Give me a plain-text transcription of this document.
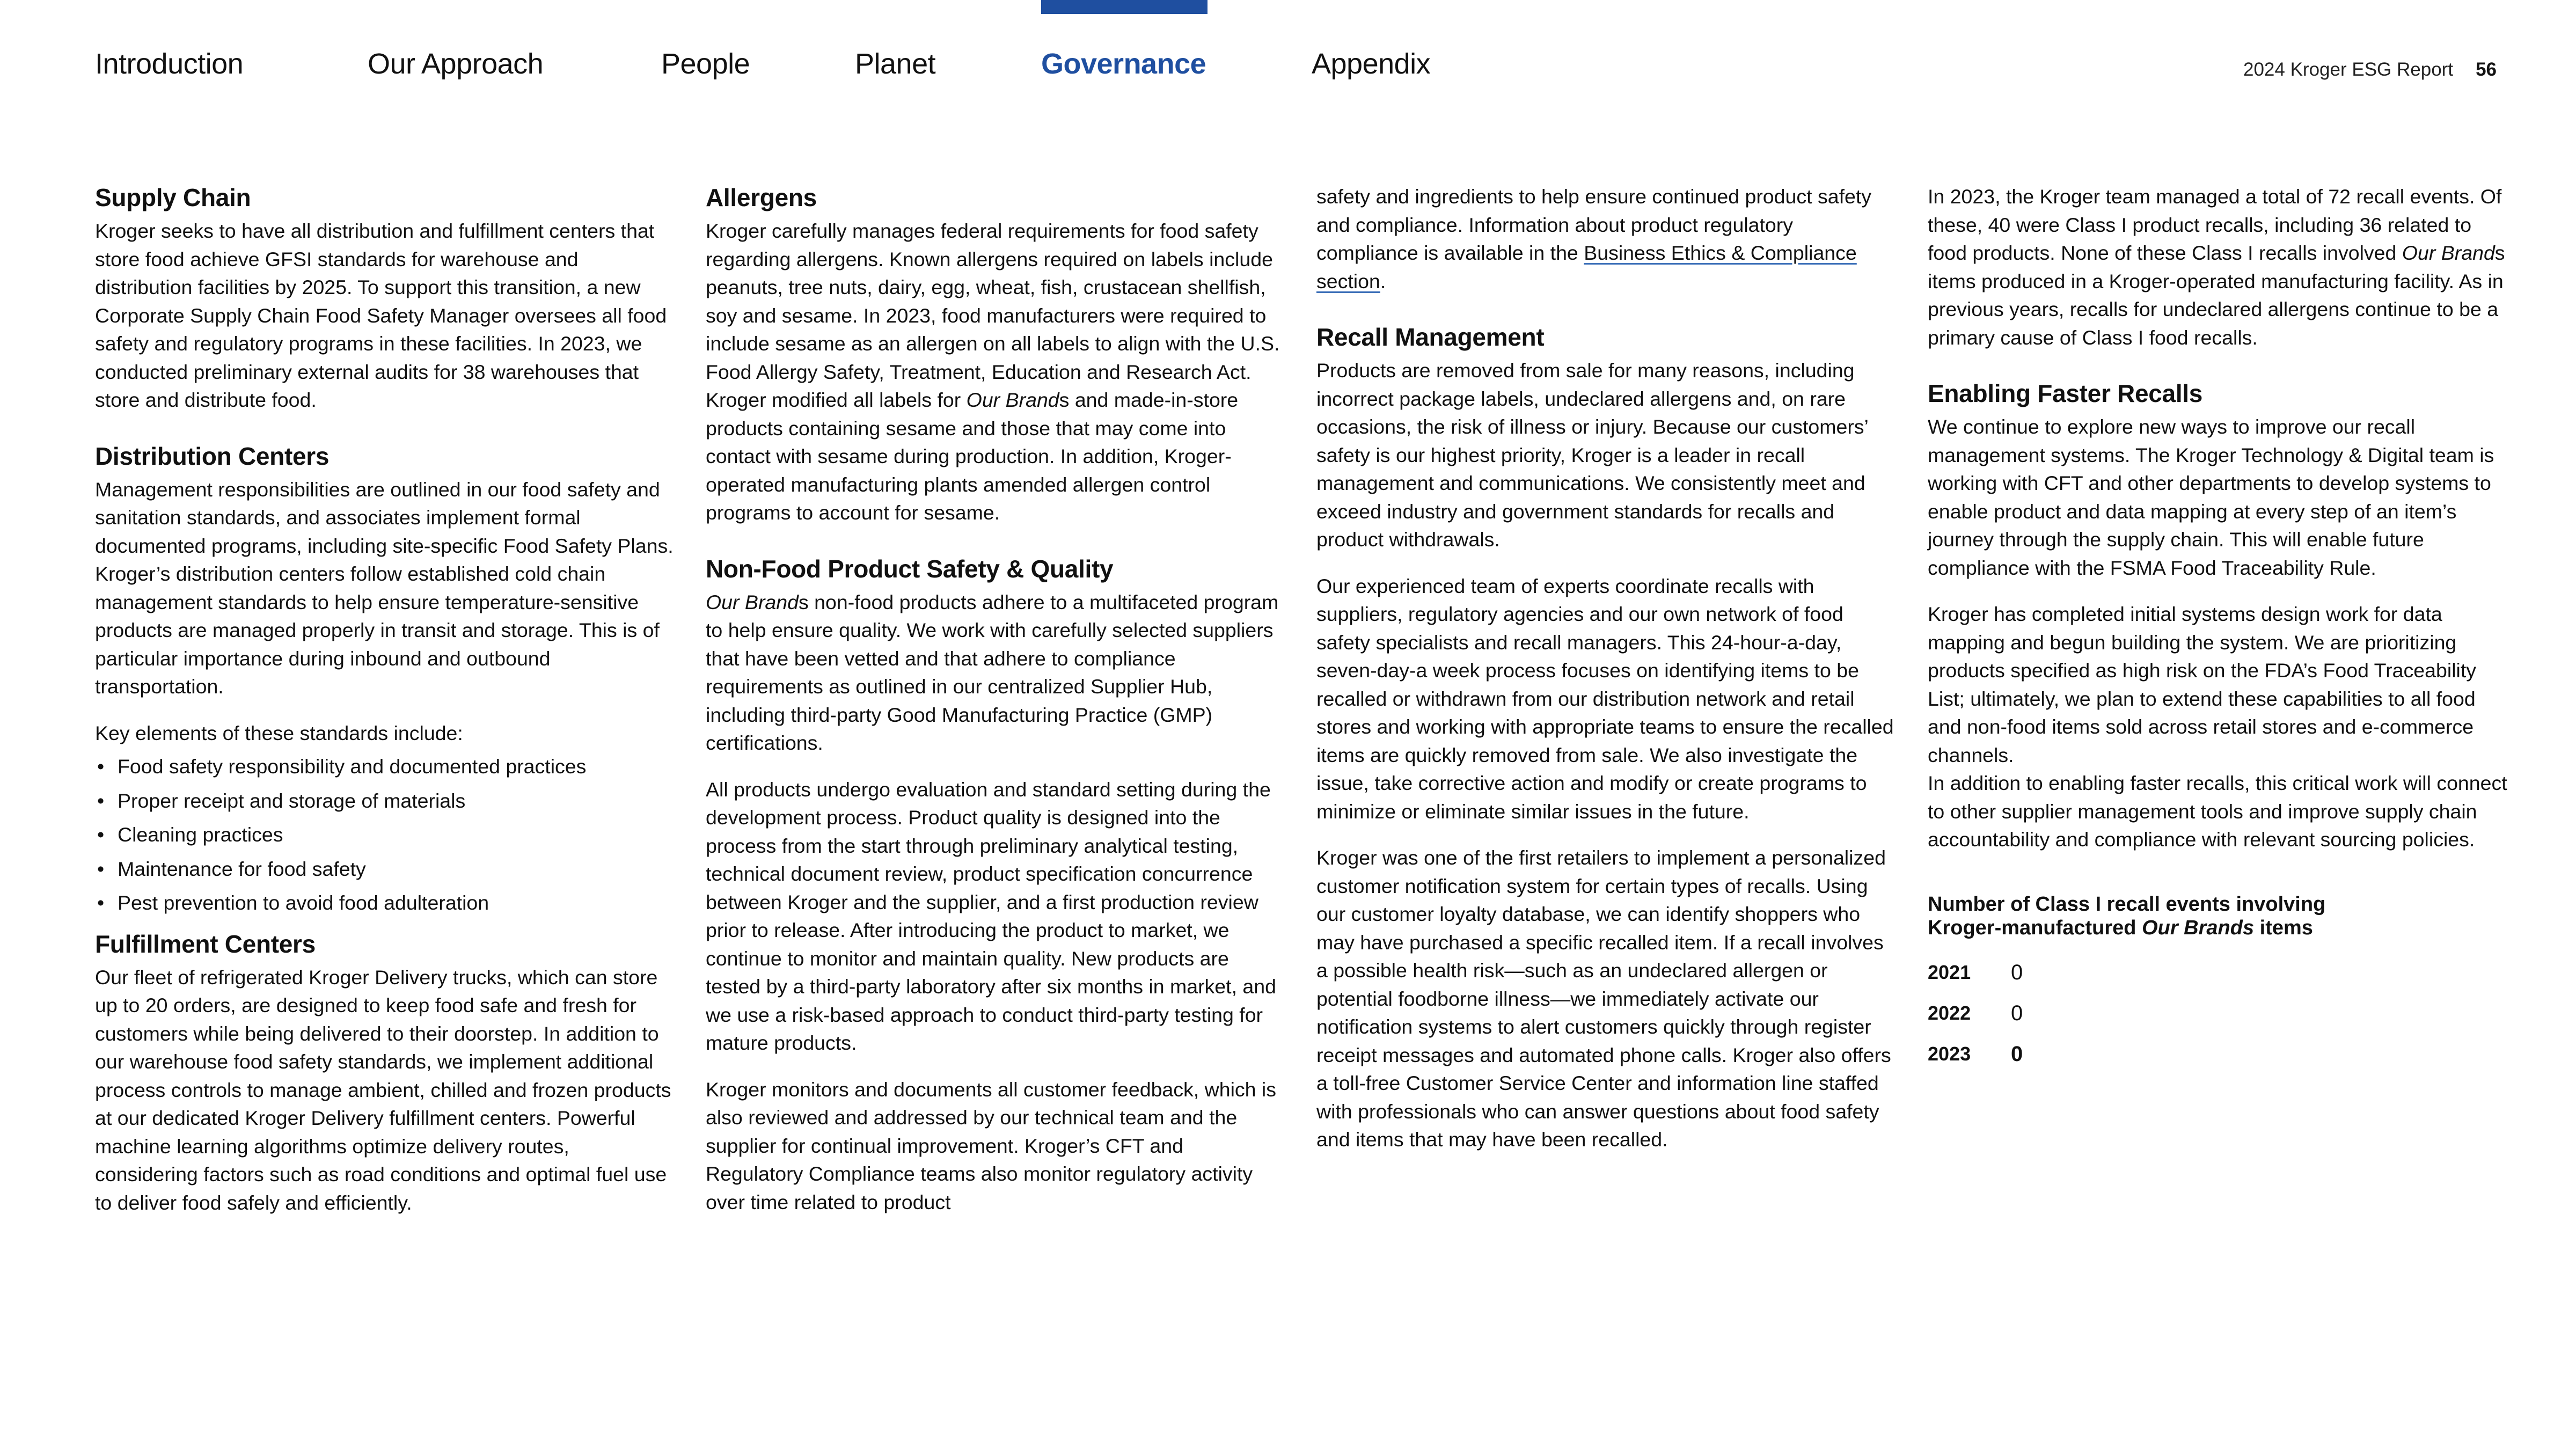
Introduction	Our Approach	People	Planet	Governance	Appendix	2024 Kroger ESG Report 56
Supply Chain

Kroger seeks to have all distribution and fulfillment centers that store food achieve GFSI standards for warehouse and distribution facilities by 2025. To support this transition, a new Corporate Supply Chain Food Safety Manager oversees all food safety and regulatory programs in these facilities. In 2023, we conducted preliminary external audits for 38 warehouses that store and distribute food.

Distribution Centers

Management responsibilities are outlined in our food safety and sanitation standards, and associates implement formal documented programs, including site-specific Food Safety Plans. Kroger’s distribution centers follow established cold chain management standards to help ensure temperature-sensitive products are managed properly in transit and storage. This is of particular importance during inbound and outbound transportation.

Key elements of these standards include:

• Food safety responsibility and documented practices
• Proper receipt and storage of materials
• Cleaning practices
• Maintenance for food safety
• Pest prevention to avoid food adulteration
Fulfillment Centers

Our fleet of refrigerated Kroger Delivery trucks, which can store up to 20 orders, are designed to keep food safe and fresh for customers while being delivered to their doorstep. In addition to our warehouse food safety standards, we implement additional process controls to manage ambient, chilled and frozen products at our dedicated Kroger Delivery fulfillment centers. Powerful machine learning algorithms optimize delivery routes, considering factors such as road conditions and optimal fuel use to deliver food safely and efficiently.

Allergens

Kroger carefully manages federal requirements for food safety regarding allergens. Known allergens required on labels include peanuts, tree nuts, dairy, egg, wheat, fish, crustacean shellfish, soy and sesame. In 2023, food manufacturers were required to include sesame as an allergen on all labels to align with the U.S. Food Allergy Safety, Treatment, Education and Research Act. Kroger modified all labels for Our Brands and made-in-store products containing sesame and those that may come into contact with sesame during production. In addition, Kroger-operated manufacturing plants amended allergen control programs to account for sesame.

Non-Food Product Safety & Quality

Our Brands non-food products adhere to a multifaceted program to help ensure quality. We work with carefully selected suppliers that have been vetted and that adhere to compliance requirements as outlined in our centralized Supplier Hub, including third-party Good Manufacturing Practice (GMP) certifications.

All products undergo evaluation and standard setting during the development process. Product quality is designed into the process from the start through preliminary analytical testing, technical document review, product specification concurrence between Kroger and the supplier, and a first production review prior to release. After introducing the product to market, we continue to monitor and maintain quality. New products are tested by a third-party laboratory after six months in market, and we use a risk-based approach to conduct third-party testing for mature products.

Kroger monitors and documents all customer feedback, which is also reviewed and addressed by our technical team and the supplier for continual improvement. Kroger’s CFT and Regulatory Compliance teams also monitor regulatory activity over time related to product

safety and ingredients to help ensure continued product safety and compliance. Information about product regulatory compliance is available in the Business Ethics & Compliance section.

Recall Management

Products are removed from sale for many reasons, including incorrect package labels, undeclared allergens and, on rare occasions, the risk of illness or injury. Because our customers’ safety is our highest priority, Kroger is a leader in recall management and communications. We consistently meet and exceed industry and government standards for recalls and product withdrawals.

Our experienced team of experts coordinate recalls with suppliers, regulatory agencies and our own network of food safety specialists and recall managers. This 24-hour-a-day, seven-day-a week process focuses on identifying items to be recalled or withdrawn from our distribution network and retail stores and working with appropriate teams to ensure the recalled items are quickly removed from sale. We also investigate the issue, take corrective action and modify or create programs to minimize or eliminate similar issues in the future.

Kroger was one of the first retailers to implement a personalized customer notification system for certain types of recalls. Using our customer loyalty database, we can identify shoppers who may have purchased a specific recalled item. If a recall involves a possible health risk—such as an undeclared allergen or potential foodborne illness—we immediately activate our notification systems to alert customers quickly through register receipt messages and automated phone calls. Kroger also offers a toll-free Customer Service Center and information line staffed with professionals who can answer questions about food safety and items that may have been recalled.

In 2023, the Kroger team managed a total of 72 recall events. Of these, 40 were Class I product recalls, including 36 related to food products. None of these Class I recalls involved Our Brands items produced in a Kroger-operated manufacturing facility. As in previous years, recalls for undeclared allergens continue to be a primary cause of Class I food recalls.

Enabling Faster Recalls

We continue to explore new ways to improve our recall management systems. The Kroger Technology & Digital team is working with CFT and other departments to develop systems to enable product and data mapping at every step of an item’s journey through the supply chain. This will enable future compliance with the FSMA Food Traceability Rule.

Kroger has completed initial systems design work for data mapping and begun building the system. We are prioritizing products specified as high risk on the FDA’s Food Traceability List; ultimately, we plan to extend these capabilities to all food and non-food items sold across retail stores and e-commerce channels.

In addition to enabling faster recalls, this critical work will connect to other supplier management tools and improve supply chain accountability and compliance with relevant sourcing policies.

Number of Class I recall events involving
Kroger-manufactured Our Brands items
2021	0
2022	0
2023	0
